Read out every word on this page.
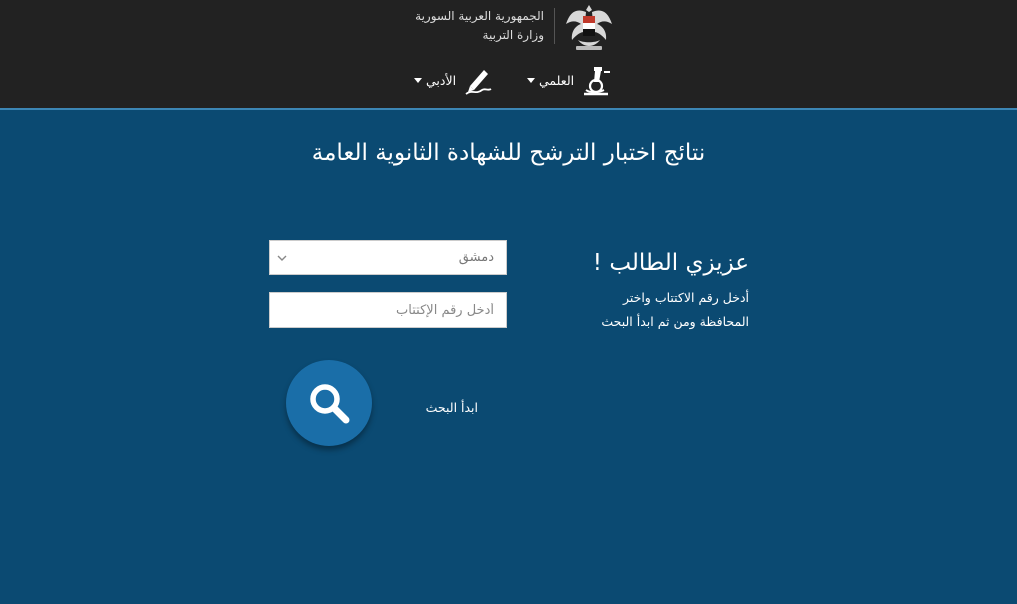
الجمهورية العربية السورية
وزارة التربية
الأدبي	العلمي
نتائج اختبار الترشح للشهادة الثانوية العامة
عزيزي الطالب !

أدخل رقم الاكتتاب واختر
المحافظة ومن ثم ابدأ البحث

دمشق
أدخل رقم الإكتتاب
ابدأ البحث
